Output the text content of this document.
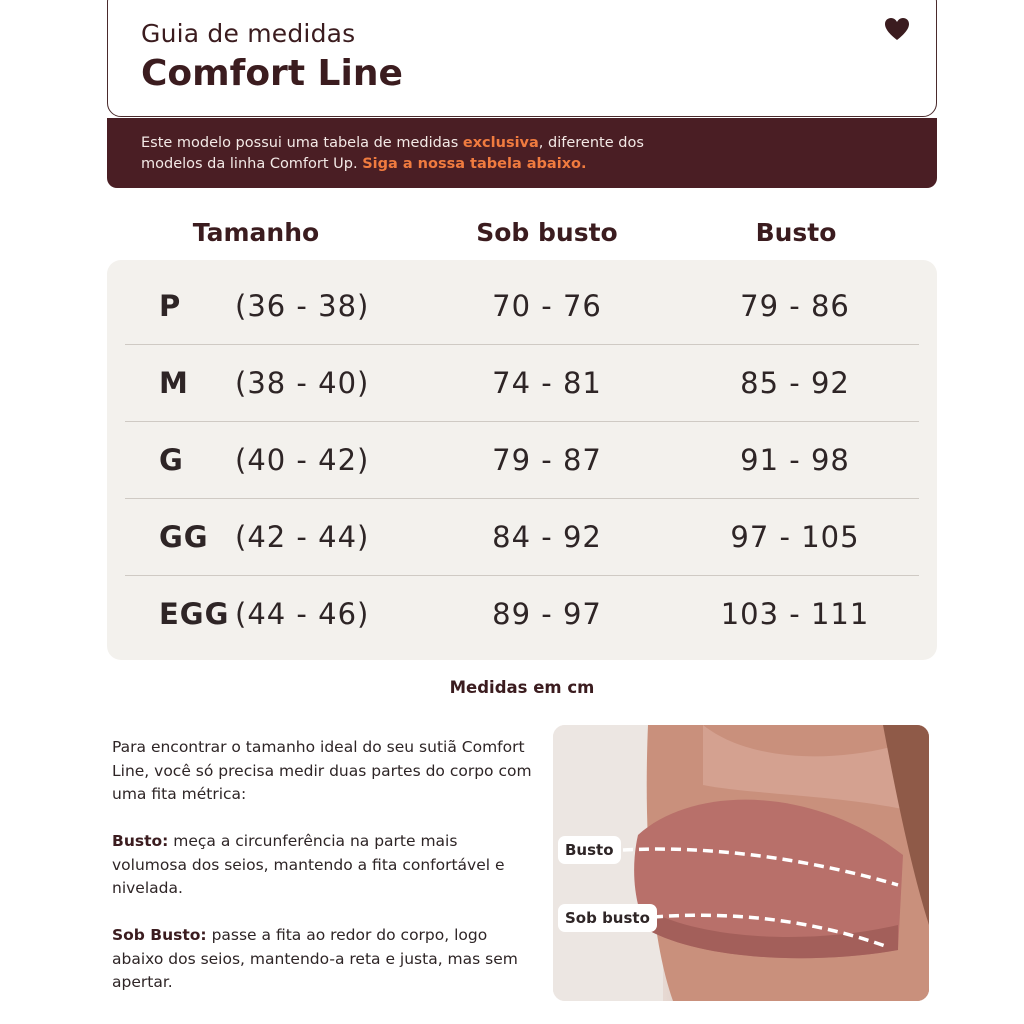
Guia de medidas
Comfort Line
Este modelo possui uma tabela de medidas exclusiva, diferente dos
modelos da linha Comfort Up. Siga a nossa tabela abaixo.
Tamanho	Sob busto	Busto
P (36 - 38)	70 - 76	79 - 86
M (38 - 40)	74 - 81	85 - 92
G (40 - 42)	79 - 87	91 - 98
GG (42 - 44)	84 - 92	97 - 105
EGG (44 - 46)	89 - 97	103 - 111
Medidas em cm

Para encontrar o tamanho ideal do seu sutiã Comfort Line, você só precisa medir duas partes do corpo com uma fita métrica:

Busto: meça a circunferência na parte mais volumosa dos seios, mantendo a fita confortável e nivelada.

Sob Busto: passe a fita ao redor do corpo, logo abaixo dos seios, mantendo-a reta e justa, mas sem apertar.

Busto
Sob busto
